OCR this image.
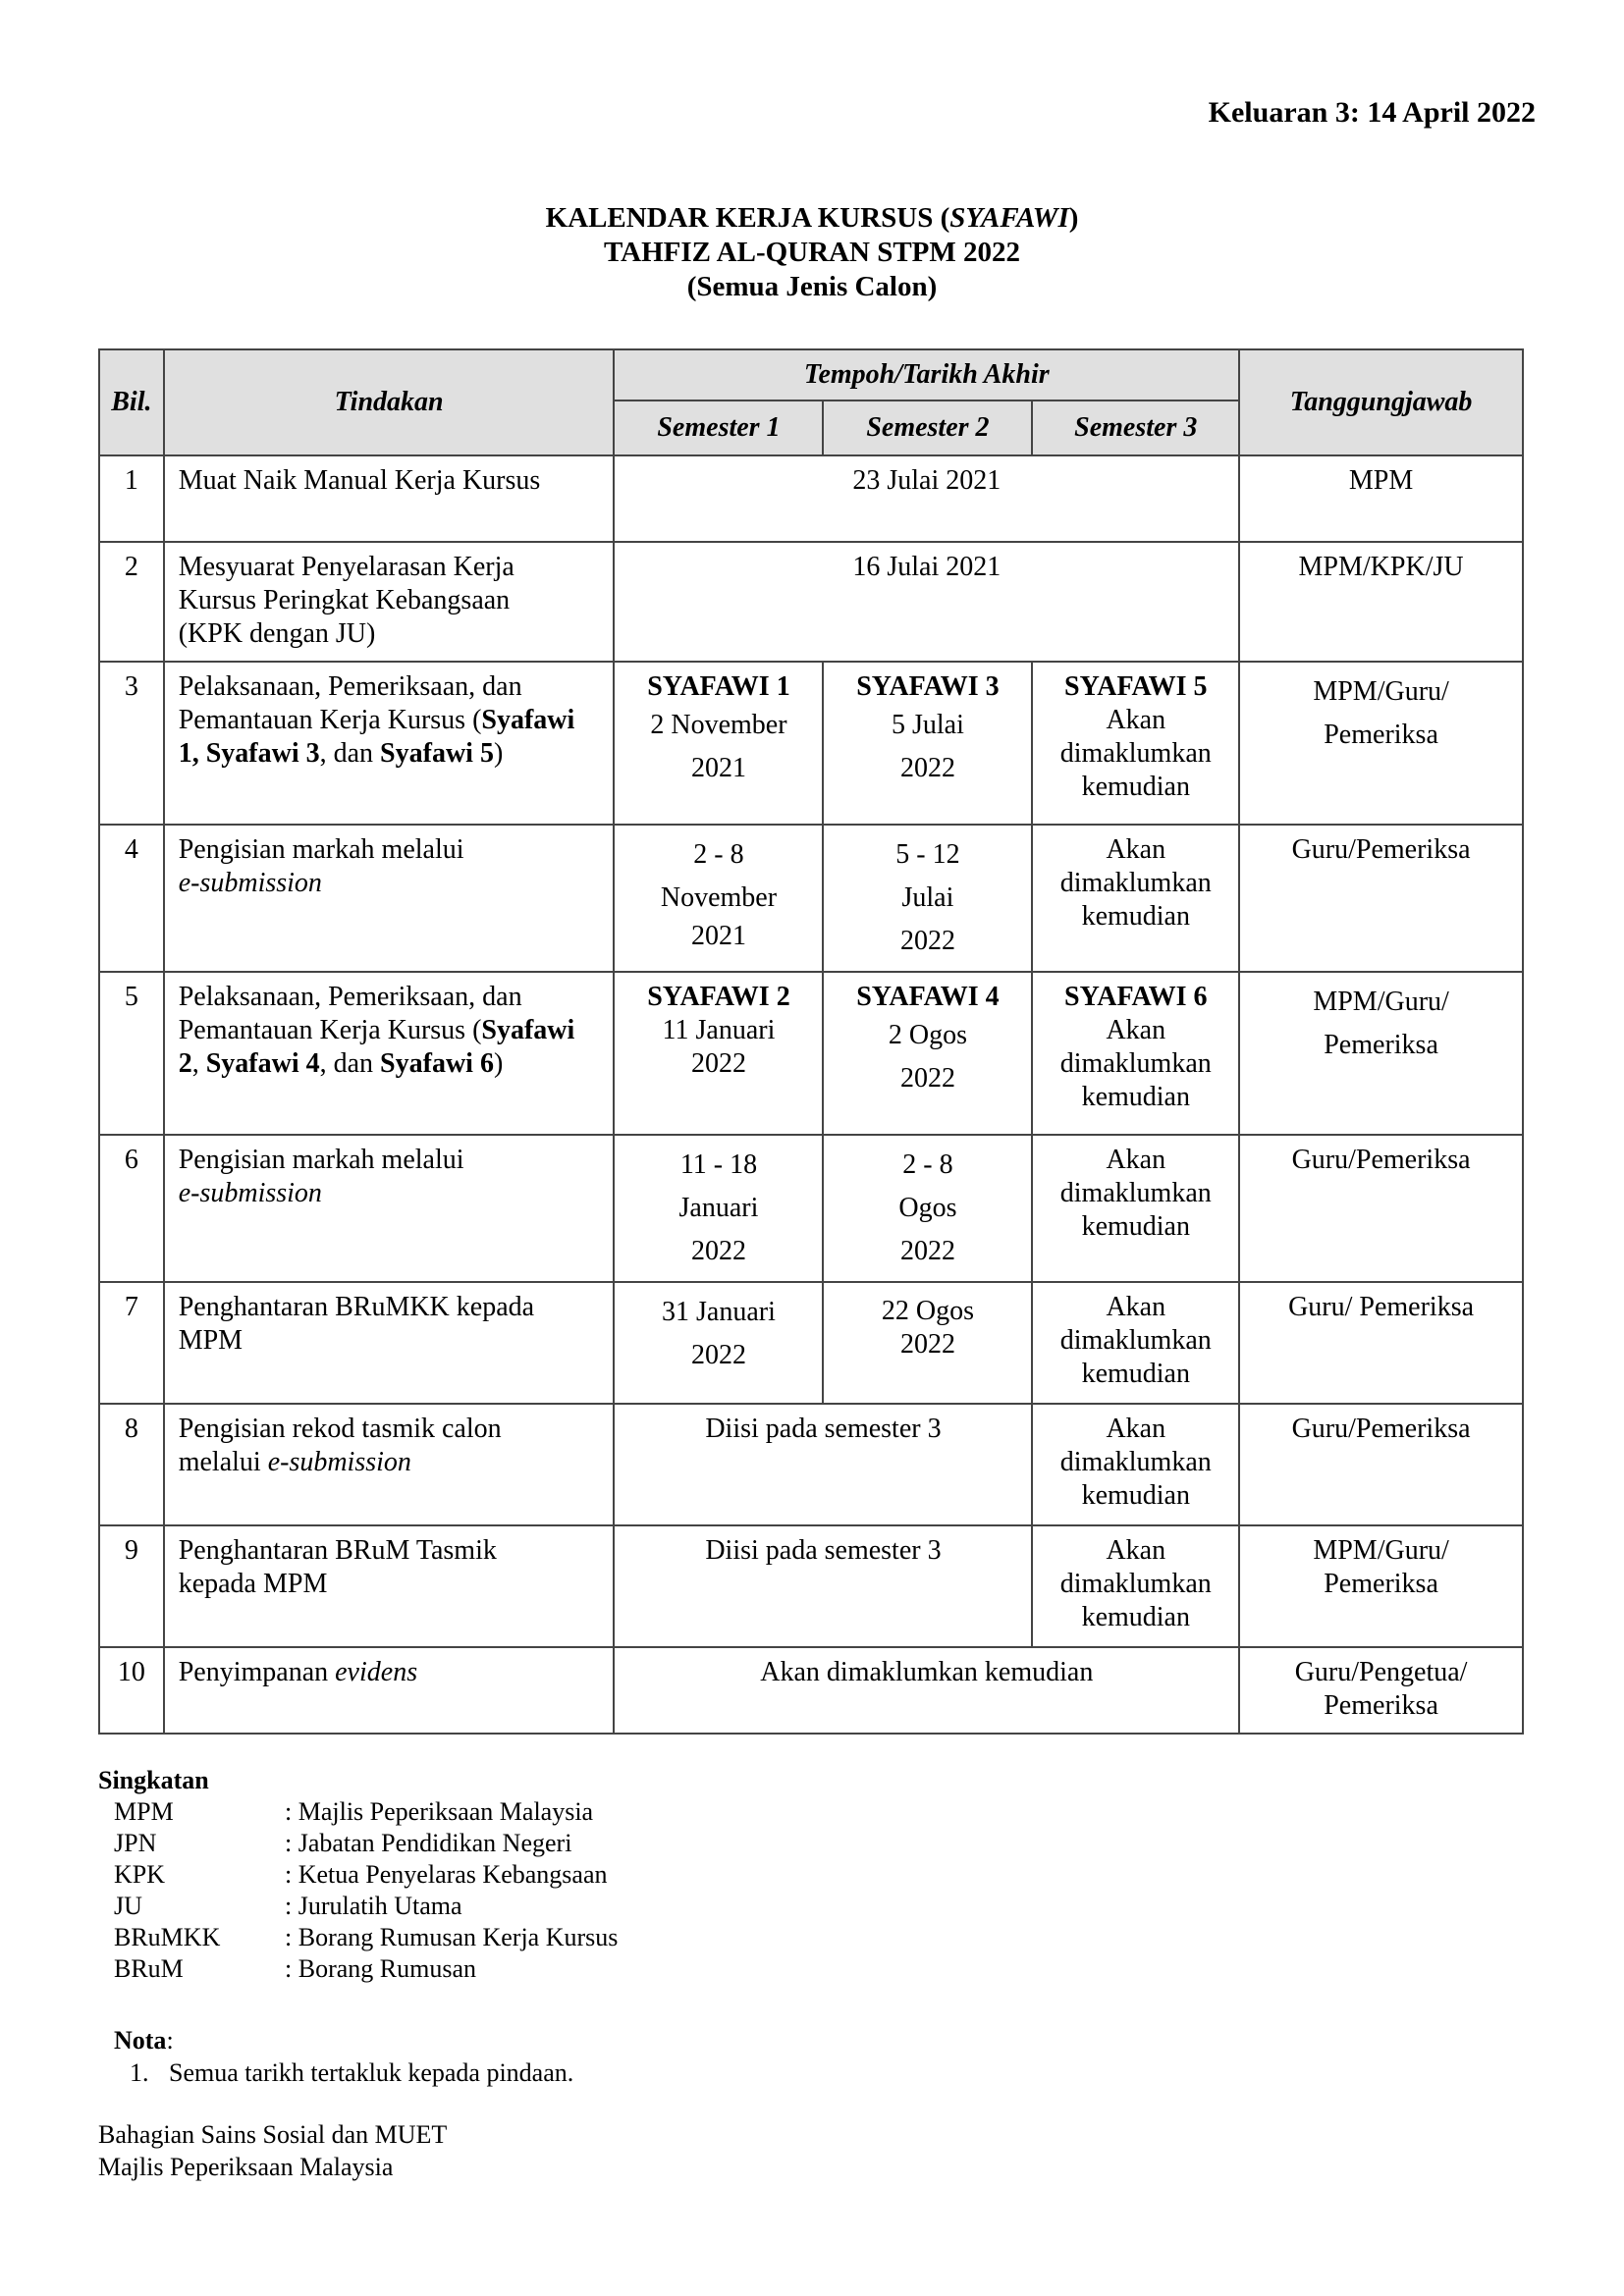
Keluaran 3: 14 April 2022
KALENDAR KERJA KURSUS (SYAFAWI)
TAHFIZ AL-QURAN STPM 2022
(Semua Jenis Calon)
Bil.	Tindakan	Tempoh/Tarikh Akhir			Tanggungjawab
		Semester 1	Semester 2	Semester 3	
1	Muat Naik Manual Kerja Kursus	23 Julai 2021			MPM
2	Mesyuarat Penyelarasan Kerja
Kursus Peringkat Kebangsaan
(KPK dengan JU)	16 Julai 2021			MPM/KPK/JU
3	Pelaksanaan, Pemeriksaan, dan Pemantauan Kerja Kursus (Syafawi 1, Syafawi 3, dan Syafawi 5)	SYAFAWI 1
2 November
2021	SYAFAWI 3
5 Julai
2022	SYAFAWI 5
Akan
dimaklumkan
kemudian	MPM/Guru/
Pemeriksa

4	Pengisian markah melalui
e-submission	2 - 8
November
2021	5 - 12
Julai
2022	Akan
dimaklumkan
kemudian	Guru/Pemeriksa
5	Pelaksanaan, Pemeriksaan, dan Pemantauan Kerja Kursus (Syafawi 2, Syafawi 4, dan Syafawi 6)	SYAFAWI 2
11 Januari
2022	SYAFAWI 4
2 Ogos
2022	SYAFAWI 6
Akan
dimaklumkan
kemudian	MPM/Guru/
Pemeriksa

6	Pengisian markah melalui
e-submission	11 - 18
Januari
2022	2 - 8
Ogos
2022	Akan
dimaklumkan
kemudian	Guru/Pemeriksa
7	Penghantaran BRuMKK kepada
MPM	31 Januari
2022	22 Ogos
2022	Akan
dimaklumkan
kemudian	Guru/ Pemeriksa
8	Pengisian rekod tasmik calon
melalui e-submission	Diisi pada semester 3		Akan
dimaklumkan
kemudian	Guru/Pemeriksa
9	Penghantaran BRuM Tasmik
kepada MPM	Diisi pada semester 3		Akan
dimaklumkan
kemudian	MPM/Guru/
Pemeriksa

10	Penyimpanan evidens	Akan dimaklumkan kemudian			Guru/Pengetua/
Pemeriksa
Singkatan
MPM	: Majlis Peperiksaan Malaysia
JPN	: Jabatan Pendidikan Negeri
KPK	: Ketua Penyelaras Kebangsaan
JU	: Jurulatih Utama
BRuMKK	: Borang Rumusan Kerja Kursus
BRuM	: Borang Rumusan
Nota:
1. Semua tarikh tertakluk kepada pindaan.
Bahagian Sains Sosial dan MUET
Majlis Peperiksaan Malaysia
